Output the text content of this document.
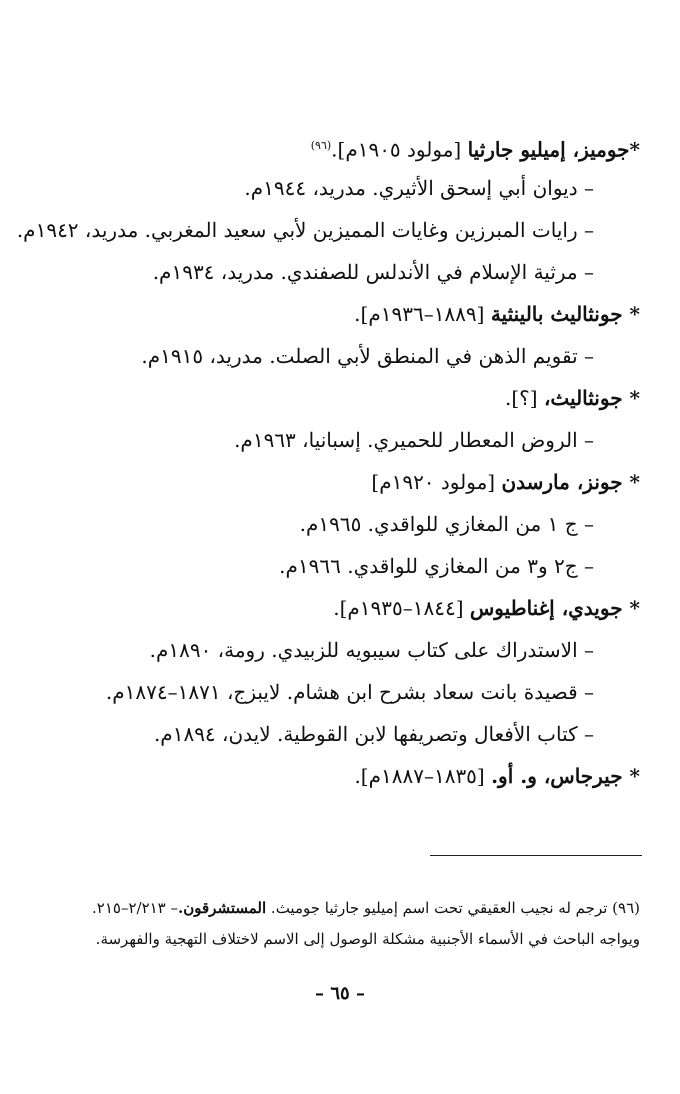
*جوميز، إميليو جارثيا [مولود ١٩٠٥م].$^{(٩٦)}$
– ديوان أبي إسحق الأثيري. مدريد، ١٩٤٤م.
– رايات المبرزين وغايات المميزين لأبي سعيد المغربي. مدريد، ١٩٤٢م.
– مرثية الإسلام في الأندلس للصفندي. مدريد، ١٩٣٤م.
* جونثاليث بالينثية [١٨٨٩–١٩٣٦م].
– تقويم الذهن في المنطق لأبي الصلت. مدريد، ١٩١٥م.
* جونثاليث، [؟].
– الروض المعطار للحميري. إسبانيا، ١٩٦٣م.
* جونز، مارسدن [مولود ١٩٢٠م]
– ج ١ من المغازي للواقدي. ١٩٦٥م.
– ج٢ و٣ من المغازي للواقدي. ١٩٦٦م.
* جويدي، إغناطيوس [١٨٤٤–١٩٣٥م].
– الاستدراك على كتاب سيبويه للزبيدي. رومة، ١٨٩٠م.
– قصيدة بانت سعاد بشرح ابن هشام. لايبزج، ١٨٧١–١٨٧٤م.
– كتاب الأفعال وتصريفها لابن القوطية. لايدن، ١٨٩٤م.
* جيرجاس، و. أو. [١٨٣٥–١٨٨٧م].
(٩٦) ترجم له نجيب العقيقي تحت اسم إميليو جارثيا جوميث. المستشرقون.– ٢/٢١٣–٢١٥.
ويواجه الباحث في الأسماء الأجنبية مشكلة الوصول إلى الاسم لاختلاف التهجية والفهرسة.
– ٦٥ –
